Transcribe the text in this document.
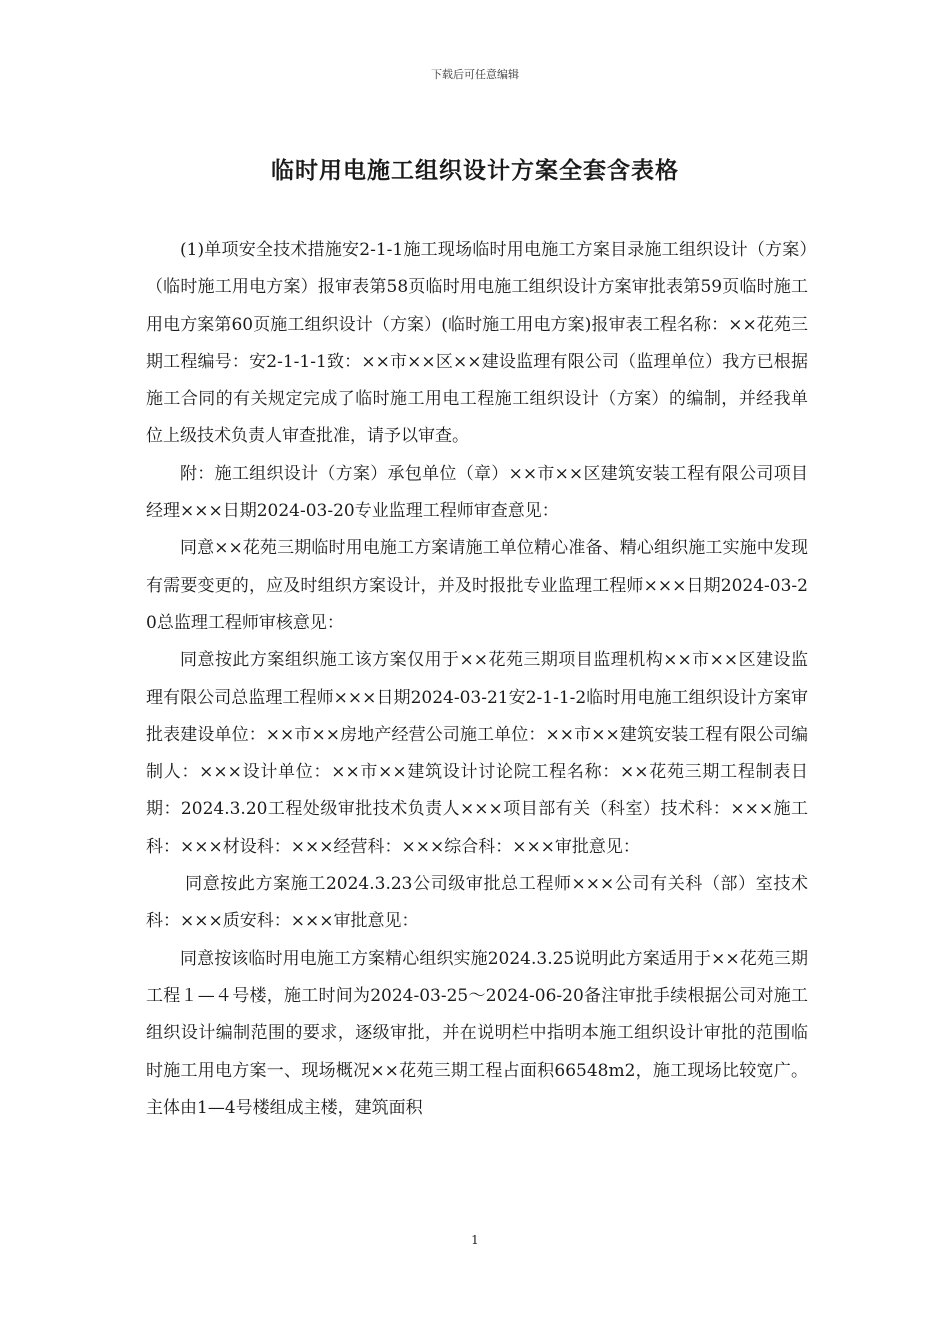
下载后可任意编辑
临时用电施工组织设计方案全套含表格

(1)单项安全技术措施安2-1-1施工现场临时用电施工方案目录施工组织设计（方案）（临时施工用电方案）报审表第58页临时用电施工组织设计方案审批表第59页临时施工用电方案第60页施工组织设计（方案）(临时施工用电方案)报审表工程名称：××花苑三期工程编号：安2-1-1-1致：××市××区××建设监理有限公司（监理单位）我方已根据施工合同的有关规定完成了临时施工用电工程施工组织设计（方案）的编制，并经我单位上级技术负责人审查批准，请予以审查。

附：施工组织设计（方案）承包单位（章）××市××区建筑安装工程有限公司项目经理×××日期2024-03-20专业监理工程师审查意见：

同意××花苑三期临时用电施工方案请施工单位精心准备、精心组织施工实施中发现有需要变更的，应及时组织方案设计，并及时报批专业监理工程师×××日期2024-03-20总监理工程师审核意见：

同意按此方案组织施工该方案仅用于××花苑三期项目监理机构××市××区建设监理有限公司总监理工程师×××日期2024-03-21安2-1-1-2临时用电施工组织设计方案审批表建设单位：××市××房地产经营公司施工单位：××市××建筑安装工程有限公司编制人：×××设计单位：××市××建筑设计讨论院工程名称：××花苑三期工程制表日期：2024.3.20工程处级审批技术负责人×××项目部有关（科室）技术科：×××施工科：×××材设科：×××经营科：×××综合科：×××审批意见：

同意按此方案施工2024.3.23公司级审批总工程师×××公司有关科（部）室技术科：×××质安科：×××审批意见：

同意按该临时用电施工方案精心组织实施2024.3.25说明此方案适用于××花苑三期工程１—４号楼，施工时间为2024-03-25～2024-06-20备注审批手续根据公司对施工组织设计编制范围的要求，逐级审批，并在说明栏中指明本施工组织设计审批的范围临时施工用电方案一、现场概况××花苑三期工程占面积66548m2，施工现场比较宽广。主体由1—4号楼组成主楼，建筑面积

1
